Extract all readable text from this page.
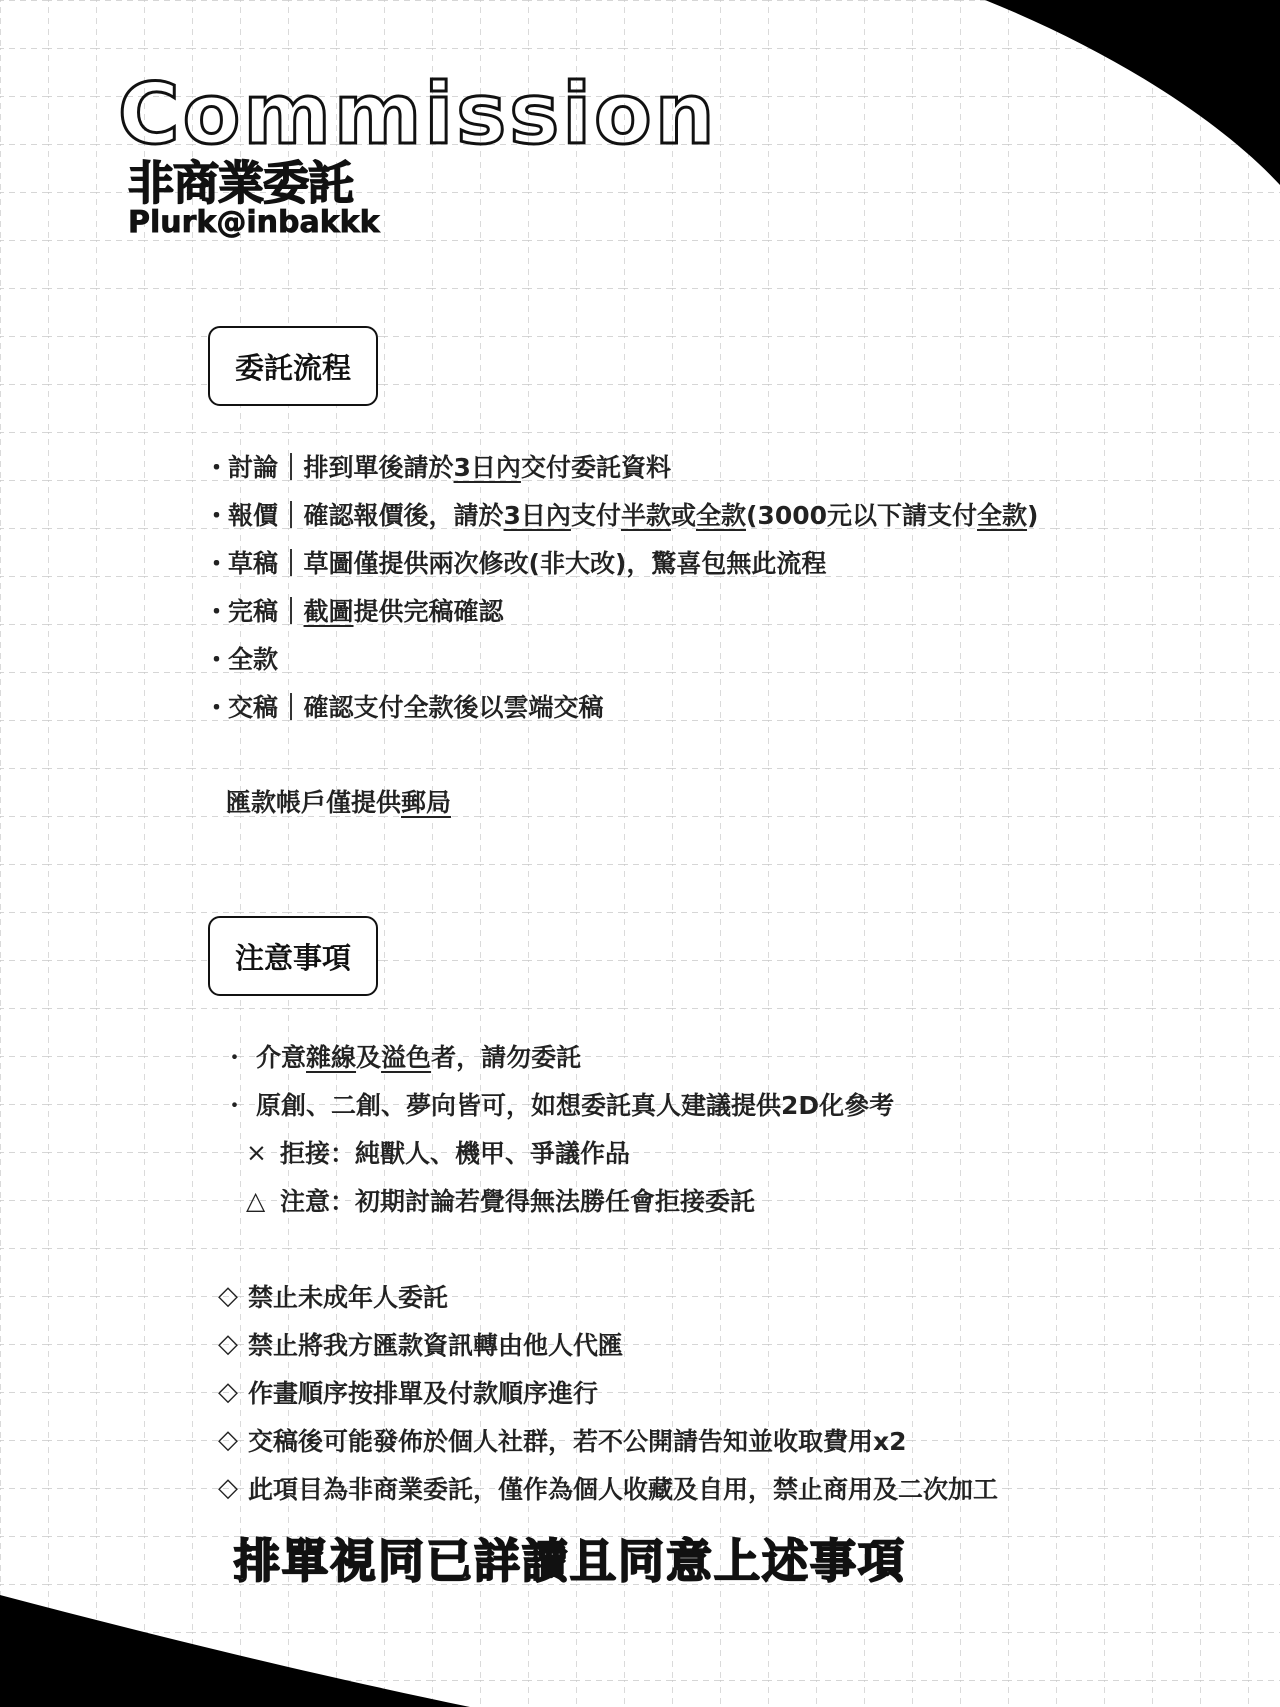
Commission
非商業委託
Plurk@inbakkk
委託流程
・
討論 排到單後請於3日內交付委託資料
・
報價 確認報價後，請於3日內支付半款或全款(3000元以下請支付全款)
・
草稿 草圖僅提供兩次修改(非大改)，驚喜包無此流程
・
完稿 截圖提供完稿確認
・
全款
・
交稿 確認支付全款後以雲端交稿
匯款帳戶僅提供 郵局
注意事項
・ 介意雜線及溢色者，請勿委託
・ 原創、二創、夢向皆可，如想委託真人建議提供2D化參考
× 拒接：純獸人、機甲、爭議作品
△ 注意：初期討論若覺得無法勝任會拒接委託
◇ 禁止未成年人委託
◇ 禁止將我方匯款資訊轉由他人代匯
◇ 作畫順序按排單及付款順序進行
◇ 交稿後可能發佈於個人社群，若不公開請告知並收取費用x2
◇ 此項目為非商業委託，僅作為個人收藏及自用，禁止商用及二次加工
排單視同已詳讀且同意上述事項
